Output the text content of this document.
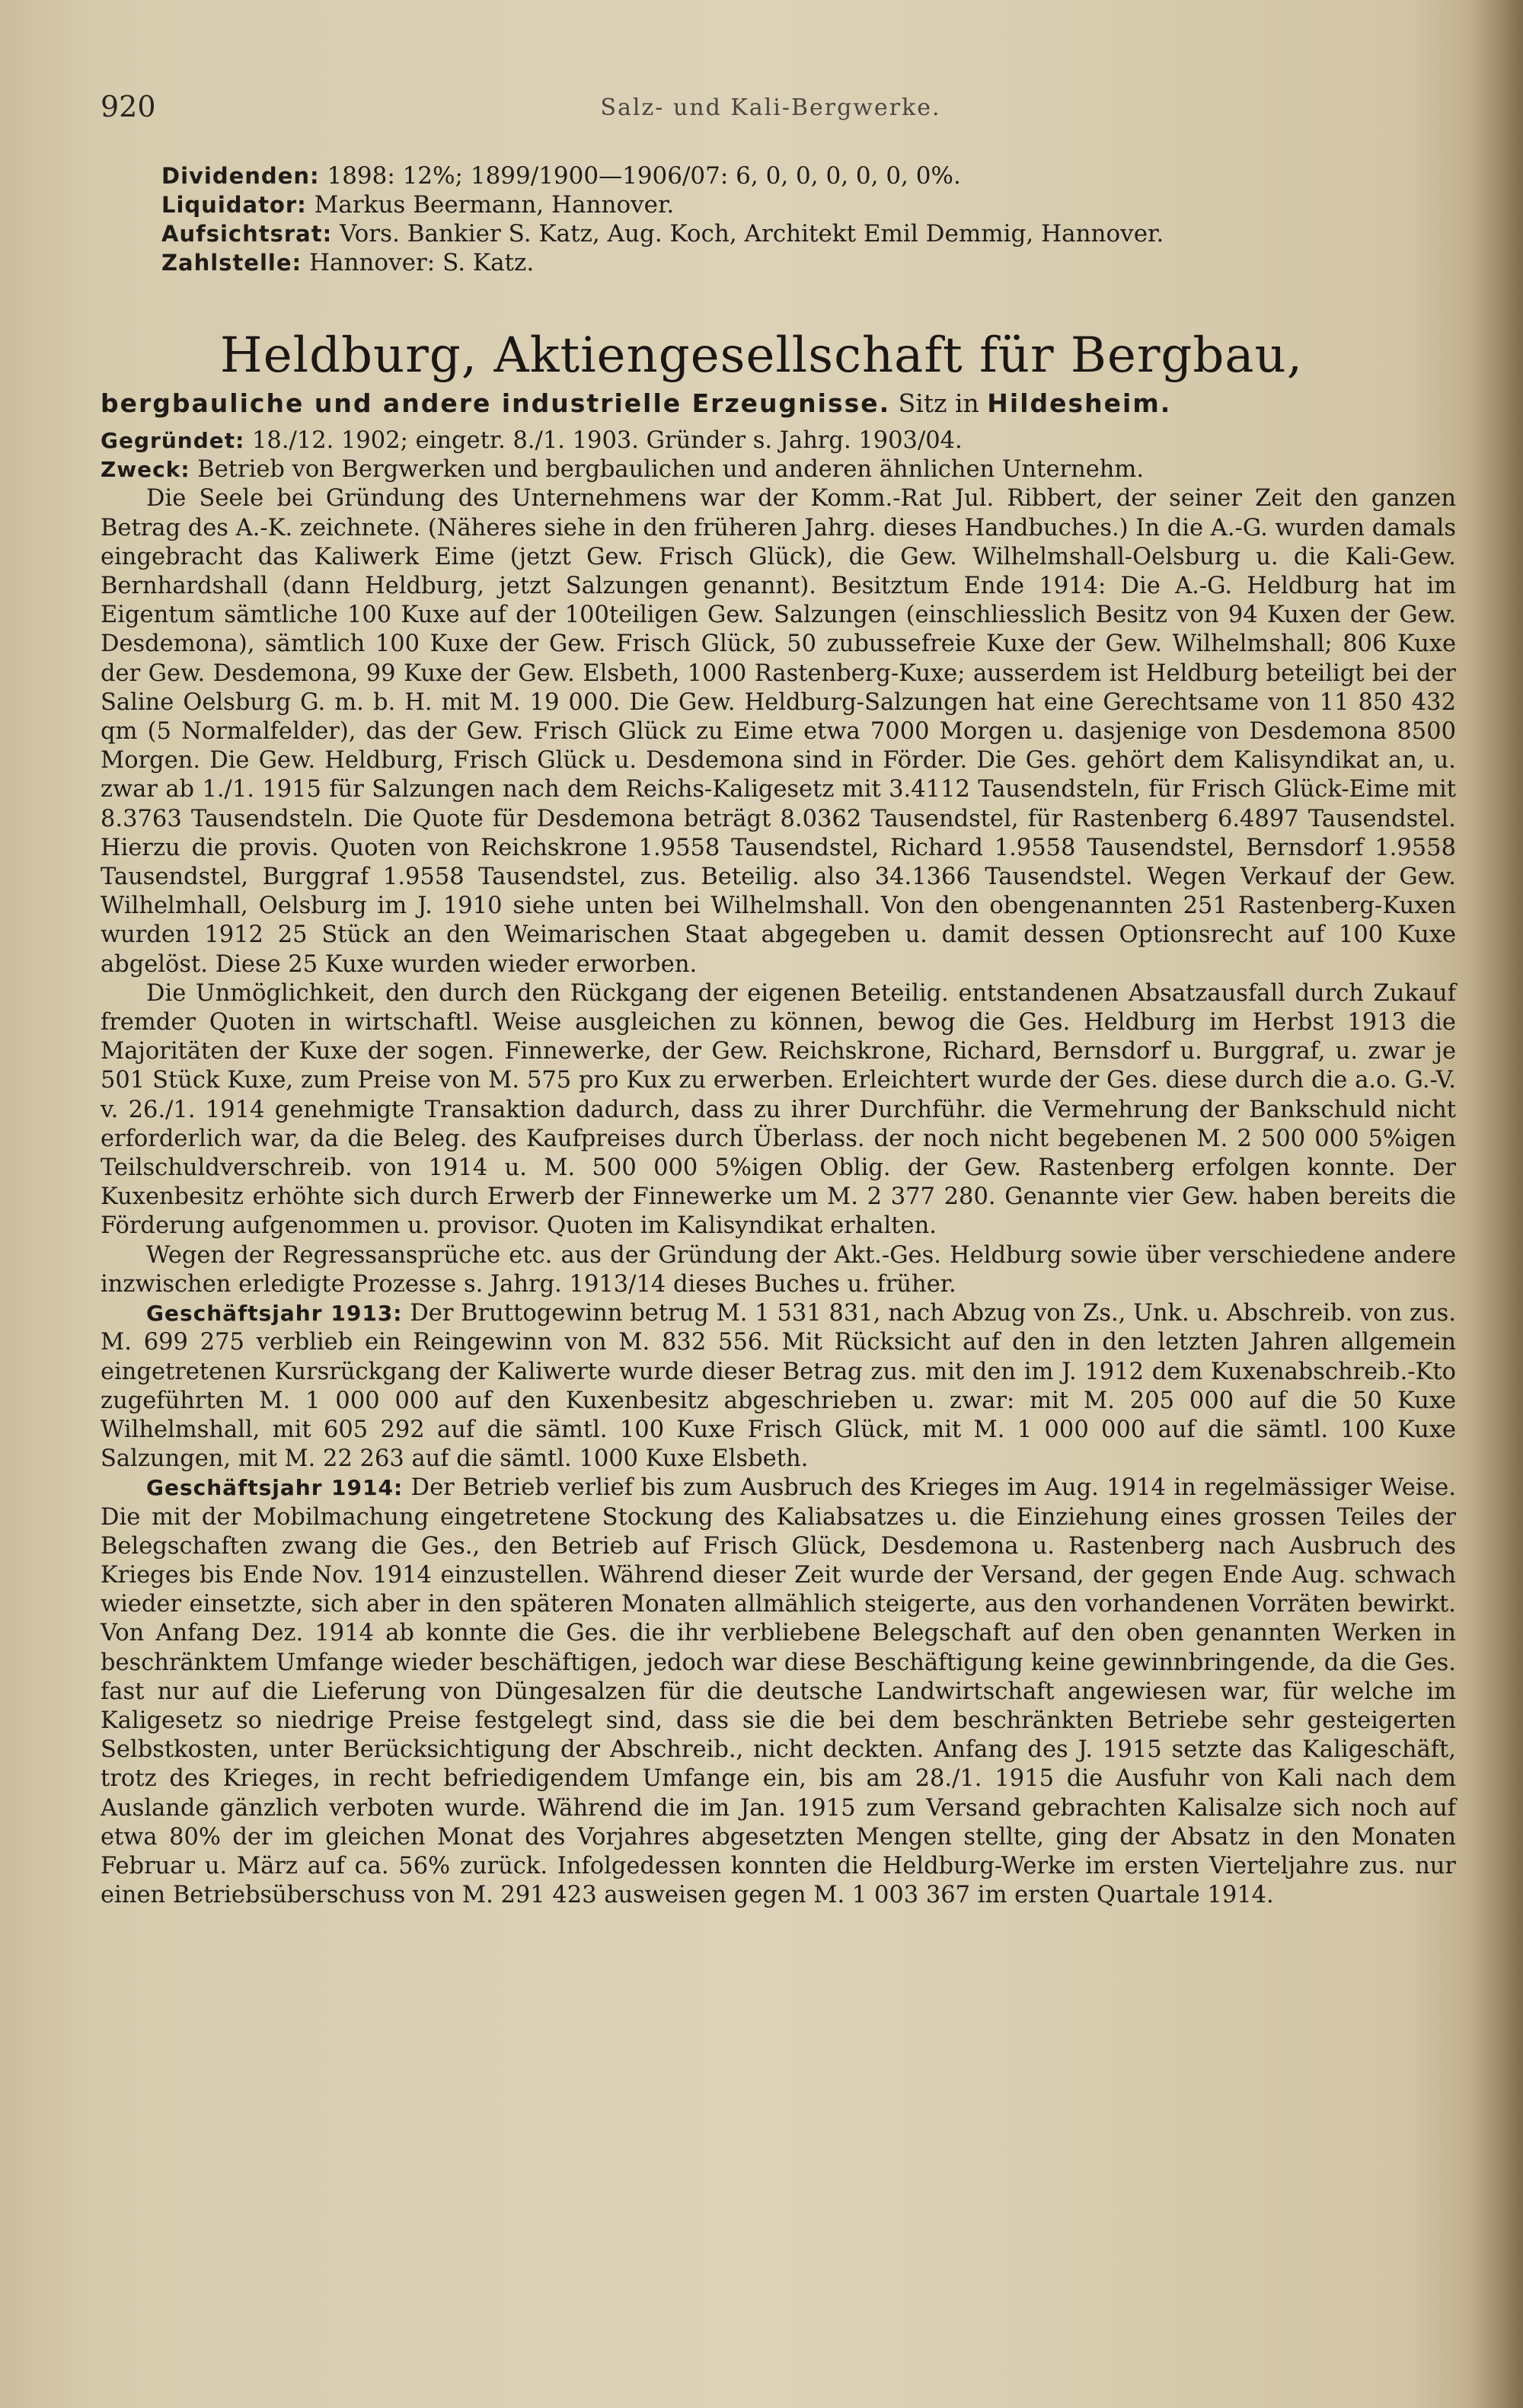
920	Salz- und Kali-Bergwerke.
Dividenden: 1898: 12%; 1899/1900—1906/07: 6, 0, 0, 0, 0, 0, 0%.
Liquidator: Markus Beermann, Hannover.
Aufsichtsrat: Vors. Bankier S. Katz, Aug. Koch, Architekt Emil Demmig, Hannover.
Zahlstelle: Hannover: S. Katz.
Heldburg, Aktiengesellschaft für Bergbau,
bergbauliche und andere industrielle Erzeugnisse. Sitz in Hildesheim.

Gegründet: 18./12. 1902; eingetr. 8./1. 1903. Gründer s. Jahrg. 1903/04.

Zweck: Betrieb von Bergwerken und bergbaulichen und anderen ähnlichen Unternehm.

Die Seele bei Gründung des Unternehmens war der Komm.-Rat Jul. Ribbert, der seiner Zeit den ganzen Betrag des A.-K. zeichnete. (Näheres siehe in den früheren Jahrg. dieses Handbuches.) In die A.-G. wurden damals eingebracht das Kaliwerk Eime (jetzt Gew. Frisch Glück), die Gew. Wilhelmshall-Oelsburg u. die Kali-Gew. Bernhardshall (dann Heldburg, jetzt Salzungen genannt). Besitztum Ende 1914: Die A.-G. Heldburg hat im Eigentum sämtliche 100 Kuxe auf der 100teiligen Gew. Salzungen (einschliesslich Besitz von 94 Kuxen der Gew. Desdemona), sämtlich 100 Kuxe der Gew. Frisch Glück, 50 zubussefreie Kuxe der Gew. Wilhelmshall; 806 Kuxe der Gew. Desdemona, 99 Kuxe der Gew. Elsbeth, 1000 Rastenberg-Kuxe; ausserdem ist Heldburg beteiligt bei der Saline Oelsburg G. m. b. H. mit M. 19 000. Die Gew. Heldburg-Salzungen hat eine Gerechtsame von 11 850 432 qm (5 Normalfelder), das der Gew. Frisch Glück zu Eime etwa 7000 Morgen u. dasjenige von Desdemona 8500 Morgen. Die Gew. Heldburg, Frisch Glück u. Desdemona sind in Förder. Die Ges. gehört dem Kalisyndikat an, u. zwar ab 1./1. 1915 für Salzungen nach dem Reichs-Kaligesetz mit 3.4112 Tausendsteln, für Frisch Glück-Eime mit 8.3763 Tausendsteln. Die Quote für Desdemona beträgt 8.0362 Tausendstel, für Rastenberg 6.4897 Tausendstel. Hierzu die provis. Quoten von Reichskrone 1.9558 Tausendstel, Richard 1.9558 Tausendstel, Bernsdorf 1.9558 Tausendstel, Burggraf 1.9558 Tausendstel, zus. Beteilig. also 34.1366 Tausendstel. Wegen Verkauf der Gew. Wilhelmhall, Oelsburg im J. 1910 siehe unten bei Wilhelmshall. Von den obengenannten 251 Rastenberg-Kuxen wurden 1912 25 Stück an den Weimarischen Staat abgegeben u. damit dessen Optionsrecht auf 100 Kuxe abgelöst. Diese 25 Kuxe wurden wieder erworben.

Die Unmöglichkeit, den durch den Rückgang der eigenen Beteilig. entstandenen Absatzausfall durch Zukauf fremder Quoten in wirtschaftl. Weise ausgleichen zu können, bewog die Ges. Heldburg im Herbst 1913 die Majoritäten der Kuxe der sogen. Finnewerke, der Gew. Reichskrone, Richard, Bernsdorf u. Burggraf, u. zwar je 501 Stück Kuxe, zum Preise von M. 575 pro Kux zu erwerben. Erleichtert wurde der Ges. diese durch die a.o. G.-V. v. 26./1. 1914 genehmigte Transaktion dadurch, dass zu ihrer Durchführ. die Vermehrung der Bankschuld nicht erforderlich war, da die Beleg. des Kaufpreises durch Überlass. der noch nicht begebenen M. 2 500 000 5%igen Teilschuldverschreib. von 1914 u. M. 500 000 5%igen Oblig. der Gew. Rastenberg erfolgen konnte. Der Kuxenbesitz erhöhte sich durch Erwerb der Finnewerke um M. 2 377 280. Genannte vier Gew. haben bereits die Förderung aufgenommen u. provisor. Quoten im Kalisyndikat erhalten.

Wegen der Regressansprüche etc. aus der Gründung der Akt.-Ges. Heldburg sowie über verschiedene andere inzwischen erledigte Prozesse s. Jahrg. 1913/14 dieses Buches u. früher.

Geschäftsjahr 1913: Der Bruttogewinn betrug M. 1 531 831, nach Abzug von Zs., Unk. u. Abschreib. von zus. M. 699 275 verblieb ein Reingewinn von M. 832 556. Mit Rücksicht auf den in den letzten Jahren allgemein eingetretenen Kursrückgang der Kaliwerte wurde dieser Betrag zus. mit den im J. 1912 dem Kuxenabschreib.-Kto zugeführten M. 1 000 000 auf den Kuxenbesitz abgeschrieben u. zwar: mit M. 205 000 auf die 50 Kuxe Wilhelmshall, mit 605 292 auf die sämtl. 100 Kuxe Frisch Glück, mit M. 1 000 000 auf die sämtl. 100 Kuxe Salzungen, mit M. 22 263 auf die sämtl. 1000 Kuxe Elsbeth.

Geschäftsjahr 1914: Der Betrieb verlief bis zum Ausbruch des Krieges im Aug. 1914 in regelmässiger Weise. Die mit der Mobilmachung eingetretene Stockung des Kaliabsatzes u. die Einziehung eines grossen Teiles der Belegschaften zwang die Ges., den Betrieb auf Frisch Glück, Desdemona u. Rastenberg nach Ausbruch des Krieges bis Ende Nov. 1914 einzustellen. Während dieser Zeit wurde der Versand, der gegen Ende Aug. schwach wieder einsetzte, sich aber in den späteren Monaten allmählich steigerte, aus den vorhandenen Vorräten bewirkt. Von Anfang Dez. 1914 ab konnte die Ges. die ihr verbliebene Belegschaft auf den oben genannten Werken in beschränktem Umfange wieder beschäftigen, jedoch war diese Beschäftigung keine gewinnbringende, da die Ges. fast nur auf die Lieferung von Düngesalzen für die deutsche Landwirtschaft angewiesen war, für welche im Kaligesetz so niedrige Preise festgelegt sind, dass sie die bei dem beschränkten Betriebe sehr gesteigerten Selbstkosten, unter Berücksichtigung der Abschreib., nicht deckten. Anfang des J. 1915 setzte das Kaligeschäft, trotz des Krieges, in recht befriedigendem Umfange ein, bis am 28./1. 1915 die Ausfuhr von Kali nach dem Auslande gänzlich verboten wurde. Während die im Jan. 1915 zum Versand gebrachten Kalisalze sich noch auf etwa 80% der im gleichen Monat des Vorjahres abgesetzten Mengen stellte, ging der Absatz in den Monaten Februar u. März auf ca. 56% zurück. Infolgedessen konnten die Heldburg-Werke im ersten Vierteljahre zus. nur einen Betriebsüberschuss von M. 291 423 ausweisen gegen M. 1 003 367 im ersten Quartale 1914.
